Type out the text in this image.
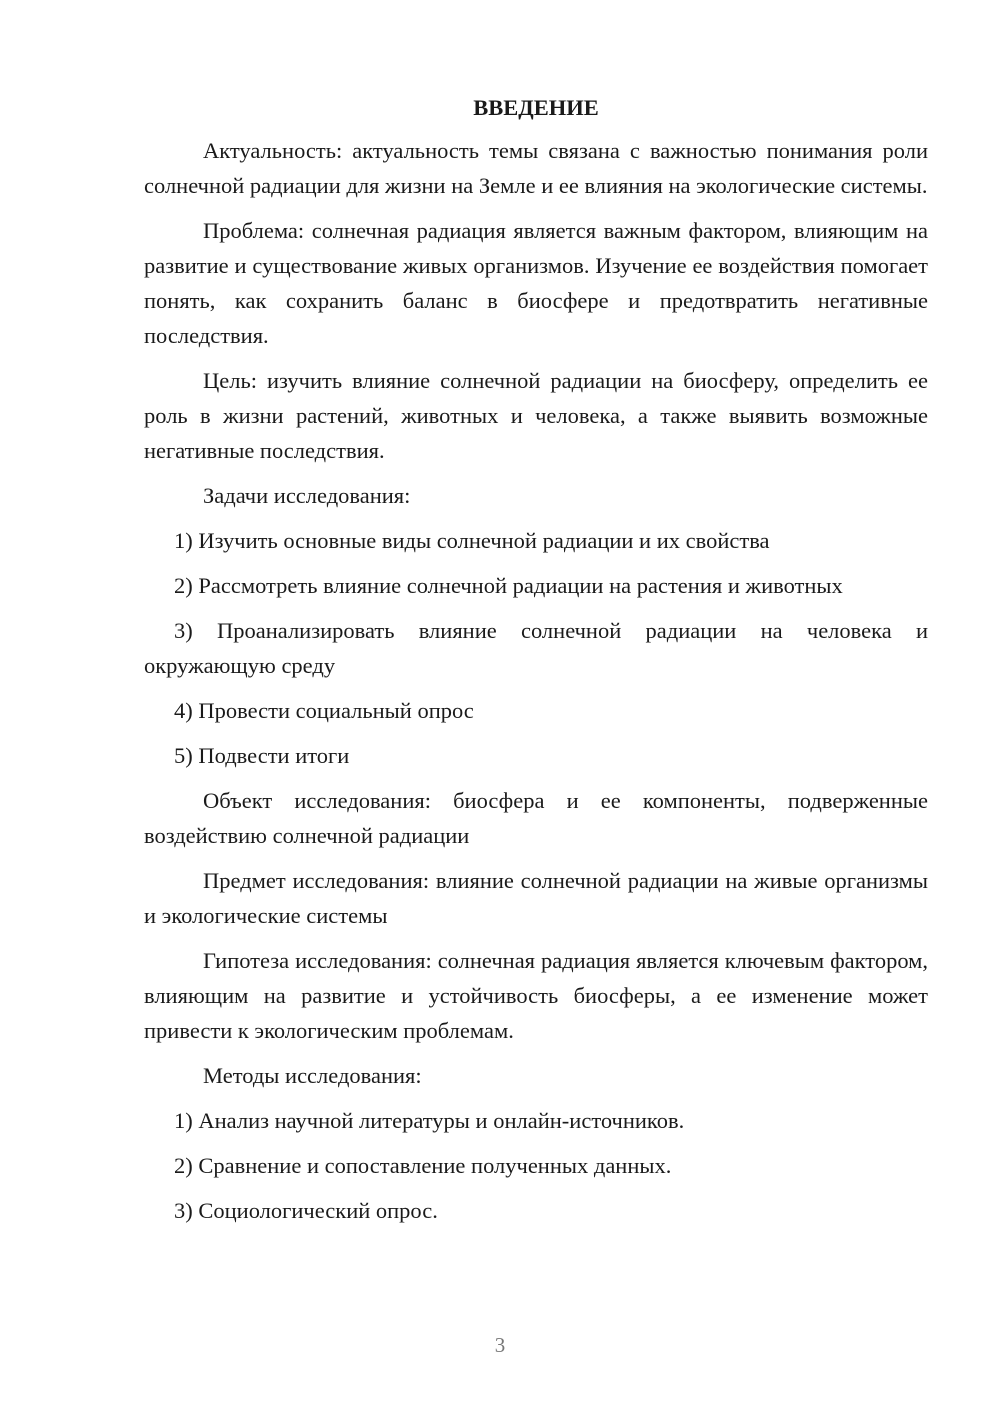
ВВЕДЕНИЕ

Актуальность: актуальность темы связана с важностью понимания роли солнечной радиации для жизни на Земле и ее влияния на экологические системы.

Проблема: солнечная радиация является важным фактором, влияющим на развитие и существование живых организмов. Изучение ее воздействия помогает понять, как сохранить баланс в биосфере и предотвратить негативные последствия.

Цель: изучить влияние солнечной радиации на биосферу, определить ее роль в жизни растений, животных и человека, а также выявить возможные негативные последствия.

Задачи исследования:

1) Изучить основные виды солнечной радиации и их свойства

2) Рассмотреть влияние солнечной радиации на растения и животных

3) Проанализировать влияние солнечной радиации на человека и окружающую среду

4) Провести социальный опрос

5) Подвести итоги

Объект исследования: биосфера и ее компоненты, подверженные воздействию солнечной радиации

Предмет исследования: влияние солнечной радиации на живые организмы и экологические системы

Гипотеза исследования: солнечная радиация является ключевым фактором, влияющим на развитие и устойчивость биосферы, а ее изменение может привести к экологическим проблемам.

Методы исследования:

1) Анализ научной литературы и онлайн-источников.

2) Сравнение и сопоставление полученных данных.

3) Социологический опрос.

3
